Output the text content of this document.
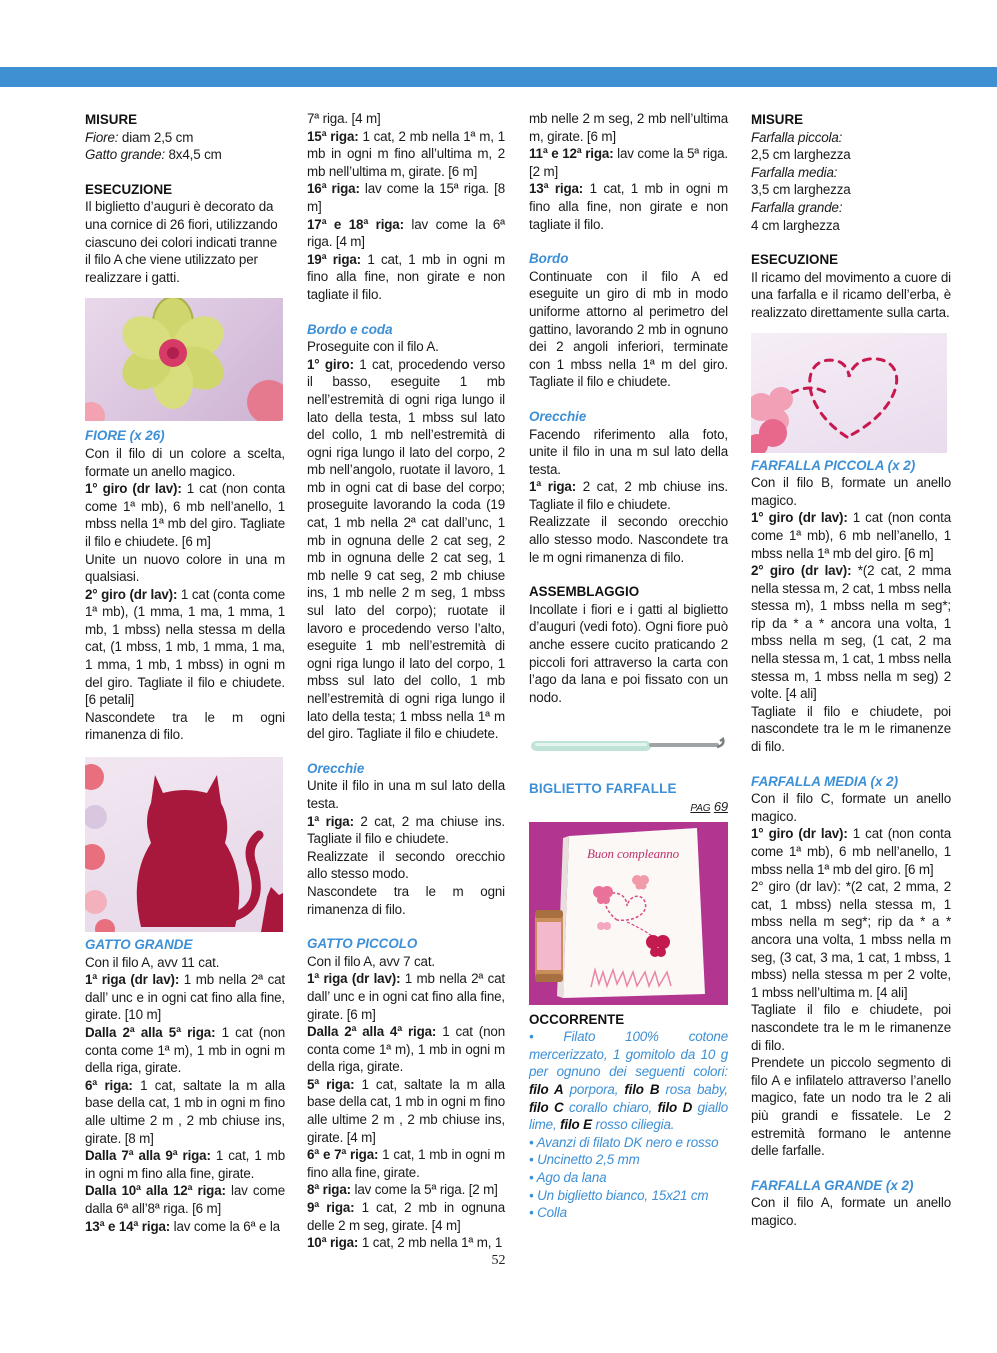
MISURE

Fiore: diam 2,5 cm

Gatto grande: 8x4,5 cm

ESECUZIONE

Il biglietto d’auguri è decorato da una cornice di 26 fiori, utilizzando ciascuno dei colori indicati tranne il filo A che viene utilizzato per realizzare i gatti.

FIORE (x 26)

Con il filo di un colore a scelta, formate un anello magico.

1° giro (dr lav): 1 cat (non conta come 1ª mb), 6 mb nell’anello, 1 mbss nella 1ª mb del giro. Tagliate il filo e chiudete. [6 m]

Unite un nuovo colore in una m qualsiasi.

2° giro (dr lav): 1 cat (conta come 1ª mb), (1 mma, 1 ma, 1 mma, 1 mb, 1 mbss) nella stessa m della cat, (1 mbss, 1 mb, 1 mma, 1 ma, 1 mma, 1 mb, 1 mbss) in ogni m del giro. Tagliate il filo e chiudete. [6 petali]

Nascondete tra le m ogni rimanenza di filo.

GATTO GRANDE

Con il filo A, avv 11 cat.

1ª riga (dr lav): 1 mb nella 2ª cat dall’ unc e in ogni cat fino alla fine, girate. [10 m]

Dalla 2ª alla 5ª riga: 1 cat (non conta come 1ª m), 1 mb in ogni m della riga, girate.

6ª riga: 1 cat, saltate la m alla base della cat, 1 mb in ogni m fino alle ultime 2 m , 2 mb chiuse ins, girate. [8 m]

Dalla 7ª alla 9ª riga: 1 cat, 1 mb in ogni m fino alla fine, girate.

Dalla 10ª alla 12ª riga: lav come dalla 6ª all’8ª riga. [6 m]

13ª e 14ª riga: lav come la 6ª e la

7ª riga. [4 m]

15ª riga: 1 cat, 2 mb nella 1ª m, 1 mb in ogni m fino all’ultima m, 2 mb nell’ultima m, girate. [6 m]

16ª riga: lav come la 15ª riga. [8 m]

17ª e 18ª riga: lav come la 6ª riga. [4 m]

19ª riga: 1 cat, 1 mb in ogni m fino alla fine, non girate e non tagliate il filo.

Bordo e coda

Proseguite con il filo A.

1° giro: 1 cat, procedendo verso il basso, eseguite 1 mb nell’estremità di ogni riga lungo il lato della testa, 1 mbss sul lato del collo, 1 mb nell’estremità di ogni riga lungo il lato del corpo, 2 mb nell’angolo, ruotate il lavoro, 1 mb in ogni cat di base del corpo; proseguite lavorando la coda (19 cat, 1 mb nella 2ª cat dall’unc, 1 mb in ognuna delle 2 cat seg, 2 mb in ognuna delle 2 cat seg, 1 mb nelle 9 cat seg, 2 mb chiuse ins, 1 mb nelle 2 m seg, 1 mbss sul lato del corpo); ruotate il lavoro e procedendo verso l’alto, eseguite 1 mb nell’estremità di ogni riga lungo il lato del corpo, 1 mbss sul lato del collo, 1 mb nell’estremità di ogni riga lungo il lato della testa; 1 mbss nella 1ª m del giro. Tagliate il filo e chiudete.

Orecchie

Unite il filo in una m sul lato della testa.

1ª riga: 2 cat, 2 ma chiuse ins. Tagliate il filo e chiudete.

Realizzate il secondo orecchio allo stesso modo.

Nascondete tra le m ogni rimanenza di filo.

GATTO PICCOLO

Con il filo A, avv 7 cat.

1ª riga (dr lav): 1 mb nella 2ª cat dall’ unc e in ogni cat fino alla fine, girate. [6 m]

Dalla 2ª alla 4ª riga: 1 cat (non conta come 1ª m), 1 mb in ogni m della riga, girate.

5ª riga: 1 cat, saltate la m alla base della cat, 1 mb in ogni m fino alle ultime 2 m , 2 mb chiuse ins, girate. [4 m]

6ª e 7ª riga: 1 cat, 1 mb in ogni m fino alla fine, girate.

8ª riga: lav come la 5ª riga. [2 m]

9ª riga: 1 cat, 2 mb in ognuna delle 2 m seg, girate. [4 m]

10ª riga: 1 cat, 2 mb nella 1ª m, 1

mb nelle 2 m seg, 2 mb nell’ultima m, girate. [6 m]

11ª e 12ª riga: lav come la 5ª riga. [2 m]

13ª riga: 1 cat, 1 mb in ogni m fino alla fine, non girate e non tagliate il filo.

Bordo

Continuate con il filo A ed eseguite un giro di mb in modo uniforme attorno al perimetro del gattino, lavorando 2 mb in ognuno dei 2 angoli inferiori, terminate con 1 mbss nella 1ª m del giro. Tagliate il filo e chiudete.

Orecchie

Facendo riferimento alla foto, unite il filo in una m sul lato della testa.

1ª riga: 2 cat, 2 mb chiuse ins. Tagliate il filo e chiudete.

Realizzate il secondo orecchio allo stesso modo. Nascondete tra le m ogni rimanenza di filo.

ASSEMBLAGGIO

Incollate i fiori e i gatti al biglietto d’auguri (vedi foto). Ogni fiore può anche essere cucito praticando 2 piccoli fori attraverso la carta con l’ago da lana e poi fissato con un nodo.

BIGLIETTO FARFALLE

PAG 69

Buon compleanno

OCCORRENTE

• Filato 100% cotone mercerizzato, 1 gomitolo da 10 g per ognuno dei seguenti colori: filo A porpora, filo B rosa baby, filo C corallo chiaro, filo D giallo lime, filo E rosso ciliegia.

• Avanzi di filato DK nero e rosso

• Uncinetto 2,5 mm

• Ago da lana

• Un biglietto bianco, 15x21 cm

• Colla

MISURE

Farfalla piccola:

2,5 cm larghezza

Farfalla media:

3,5 cm larghezza

Farfalla grande:

4 cm larghezza

ESECUZIONE

Il ricamo del movimento a cuore di una farfalla e il ricamo dell’erba, è realizzato direttamente sulla carta.

FARFALLA PICCOLA (x 2)

Con il filo B, formate un anello magico.

1° giro (dr lav): 1 cat (non conta come 1ª mb), 6 mb nell’anello, 1 mbss nella 1ª mb del giro. [6 m]

2° giro (dr lav): *(2 cat, 2 mma nella stessa m, 2 cat, 1 mbss nella stessa m), 1 mbss nella m seg*; rip da * a * ancora una volta, 1 mbss nella m seg, (1 cat, 2 ma nella stessa m, 1 cat, 1 mbss nella stessa m, 1 mbss nella m seg) 2 volte. [4 ali]

Tagliate il filo e chiudete, poi nascondete tra le m le rimanenze di filo.

FARFALLA MEDIA (x 2)

Con il filo C, formate un anello magico.

1° giro (dr lav): 1 cat (non conta come 1ª mb), 6 mb nell’anello, 1 mbss nella 1ª mb del giro. [6 m]

2° giro (dr lav): *(2 cat, 2 mma, 2 cat, 1 mbss) nella stessa m, 1 mbss nella m seg*; rip da * a * ancora una volta, 1 mbss nella m seg, (3 cat, 3 ma, 1 cat, 1 mbss, 1 mbss) nella stessa m per 2 volte, 1 mbss nell’ultima m. [4 ali]

Tagliate il filo e chiudete, poi nascondete tra le m le rimanenze di filo.

Prendete un piccolo segmento di filo A e infilatelo attraverso l’anello magico, fate un nodo tra le 2 ali più grandi e fissatele. Le 2 estremità formano le antenne delle farfalle.

FARFALLA GRANDE (x 2)

Con il filo A, formate un anello magico.

52
